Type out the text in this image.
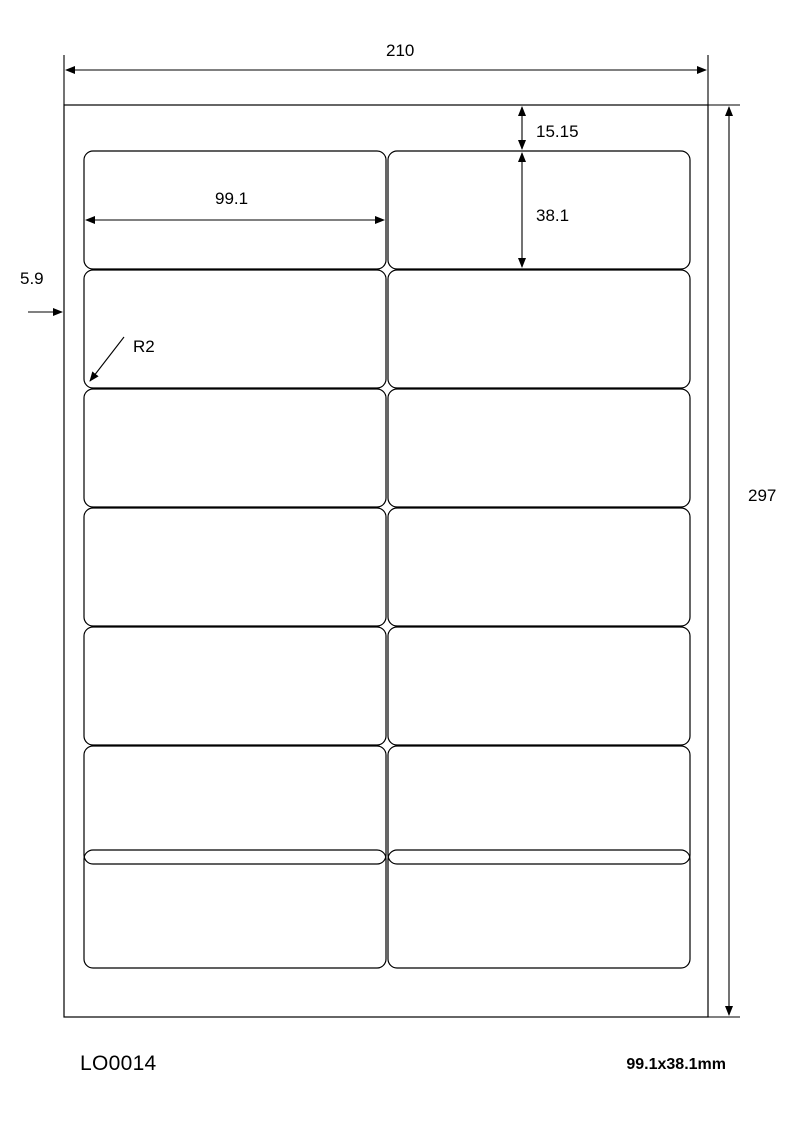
210
297
99.1
15.15
38.1
5.9
R2
LO0014	99.1x38.1mm
